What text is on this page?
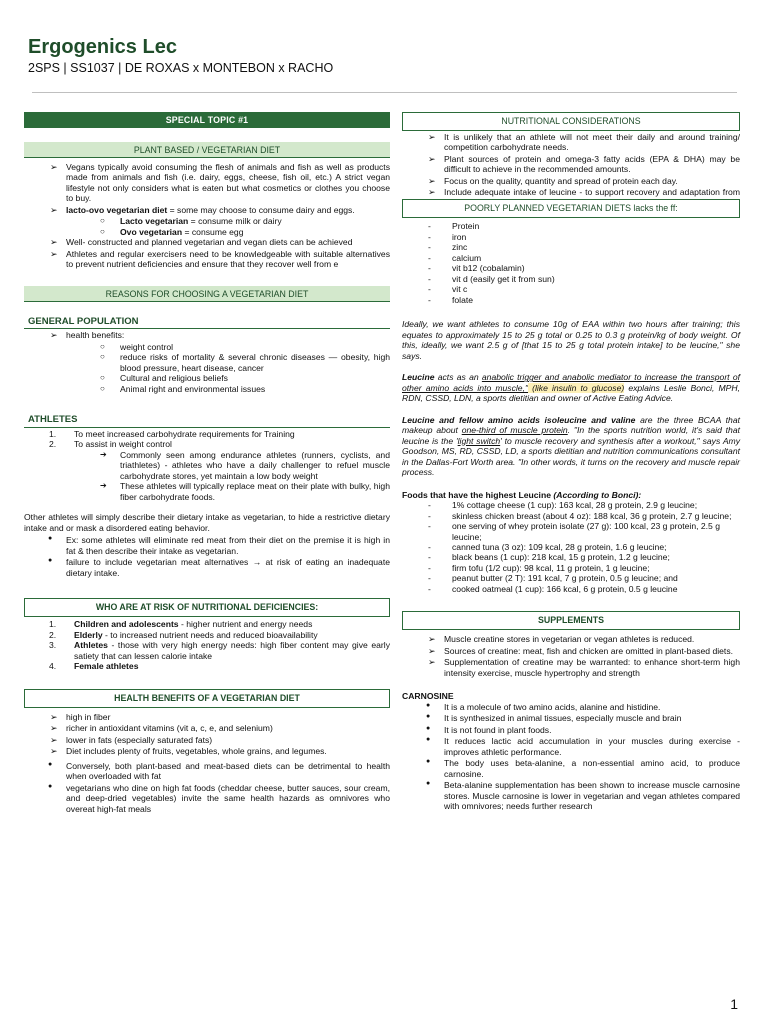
Ergogenics Lec
2SPS | SS1037 | DE ROXAS x MONTEBON x RACHO
SPECIAL TOPIC #1
PLANT BASED / VEGETARIAN DIET
➢ Vegans typically avoid consuming the flesh of animals and fish as well as products made from animals and fish (i.e. dairy, eggs, cheese, fish oil, etc.) A strict vegan lifestyle not only considers what is eaten but what cosmetics or clothes you choose to buy.
➢ lacto-ovo vegetarian diet = some may choose to consume dairy and eggs.
○ Lacto vegetarian = consume milk or dairy
○ Ovo vegetarian = consume egg
➢ Well- constructed and planned vegetarian and vegan diets can be achieved
➢ Athletes and regular exercisers need to be knowledgeable with suitable alternatives to prevent nutrient deficiencies and ensure that they recover well from e
REASONS FOR CHOOSING A VEGETARIAN DIET
GENERAL POPULATION
➢ health benefits:
○ weight control
○ reduce risks of mortality & several chronic diseases — obesity, high blood pressure, heart disease, cancer
○ Cultural and religious beliefs
○ Animal right and environmental issues
ATHLETES
1. To meet increased carbohydrate requirements for Training
2. To assist in weight control
➔ Commonly seen among endurance athletes (runners, cyclists, and triathletes) - athletes who have a daily challenger to refuel muscle carbohydrate stores, yet maintain a low body weight
➔ These athletes will typically replace meat on their plate with bulky, high fiber carbohydrate foods.

Other athletes will simply describe their dietary intake as vegetarian, to hide a restrictive dietary intake and or mask a disordered eating behavior.

● Ex: some athletes will eliminate red meat from their diet on the premise it is high in fat & then describe their intake as vegetarian.
● failure to include vegetarian meat alternatives → at risk of eating an inadequate dietary intake.
WHO ARE AT RISK OF NUTRITIONAL DEFICIENCIES:
1. Children and adolescents - higher nutrient and energy needs
2. Elderly - to increased nutrient needs and reduced bioavailability
3. Athletes - those with very high energy needs: high fiber content may give early satiety that can lessen calorie intake
4. Female athletes
HEALTH BENEFITS OF A VEGETARIAN DIET
➢ high in fiber
➢ richer in antioxidant vitamins (vit a, c, e, and selenium)
➢ lower in fats (especially saturated fats)
➢ Diet includes plenty of fruits, vegetables, whole grains, and legumes.
● Conversely, both plant-based and meat-based diets can be detrimental to health when overloaded with fat
● vegetarians who dine on high fat foods (cheddar cheese, butter sauces, sour cream, and deep-dried vegetables) invite the same health hazards as omnivores who overeat high-fat meals
NUTRITIONAL CONSIDERATIONS
➢ It is unlikely that an athlete will not meet their daily and around training/ competition carbohydrate needs.
➢ Plant sources of protein and omega-3 fatty acids (EPA & DHA) may be difficult to achieve in the recommended amounts.
➢ Focus on the quality, quantity and spread of protein each day.
➢ Include adequate intake of leucine - to support recovery and adaptation from
POORLY PLANNED VEGETARIAN DIETS lacks the ff:
- Protein
- iron
- zinc
- calcium
- vit b12 (cobalamin)
- vit d (easily get it from sun)
- vit c
- folate

Ideally, we want athletes to consume 10g of EAA within two hours after training; this equates to approximately 15 to 25 g total or 0.25 to 0.3 g protein/kg of body weight. Of this, ideally, we want 2.5 g of [that 15 to 25 g total protein intake] to be leucine," she says.

Leucine acts as an anabolic trigger and anabolic mediator to increase the transport of other amino acids into muscle," (like insulin to glucose) explains Leslie Bonci, MPH, RDN, CSSD, LDN, a sports dietitian and owner of Active Eating Advice.

Leucine and fellow amino acids isoleucine and valine are the three BCAA that makeup about one-third of muscle protein. "In the sports nutrition world, it's said that leucine is the 'light switch' to muscle recovery and synthesis after a workout," says Amy Goodson, MS, RD, CSSD, LD, a sports dietitian and nutrition communications consultant in the Dallas-Fort Worth area. "In other words, it turns on the recovery and muscle repair process.

Foods that have the highest Leucine (According to Bonci):

- 1% cottage cheese (1 cup): 163 kcal, 28 g protein, 2.9 g leucine;
- skinless chicken breast (about 4 oz): 188 kcal, 36 g protein, 2.7 g leucine;
- one serving of whey protein isolate (27 g): 100 kcal, 23 g protein, 2.5 g leucine;
- canned tuna (3 oz): 109 kcal, 28 g protein, 1.6 g leucine;
- black beans (1 cup): 218 kcal, 15 g protein, 1.2 g leucine;
- firm tofu (1/2 cup): 98 kcal, 11 g protein, 1 g leucine;
- peanut butter (2 T): 191 kcal, 7 g protein, 0.5 g leucine; and
- cooked oatmeal (1 cup): 166 kcal, 6 g protein, 0.5 g leucine
SUPPLEMENTS
➢ Muscle creatine stores in vegetarian or vegan athletes is reduced.
➢ Sources of creatine: meat, fish and chicken are omitted in plant-based diets.
➢ Supplementation of creatine may be warranted: to enhance short-term high intensity exercise, muscle hypertrophy and strength

CARNOSINE

● It is a molecule of two amino acids, alanine and histidine.
● It is synthesized in animal tissues, especially muscle and brain
● It is not found in plant foods.
● It reduces lactic acid accumulation in your muscles during exercise - improves athletic performance.
● The body uses beta-alanine, a non-essential amino acid, to produce carnosine.
● Beta-alanine supplementation has been shown to increase muscle carnosine stores. Muscle carnosine is lower in vegetarian and vegan athletes compared with omnivores; needs further research
1
